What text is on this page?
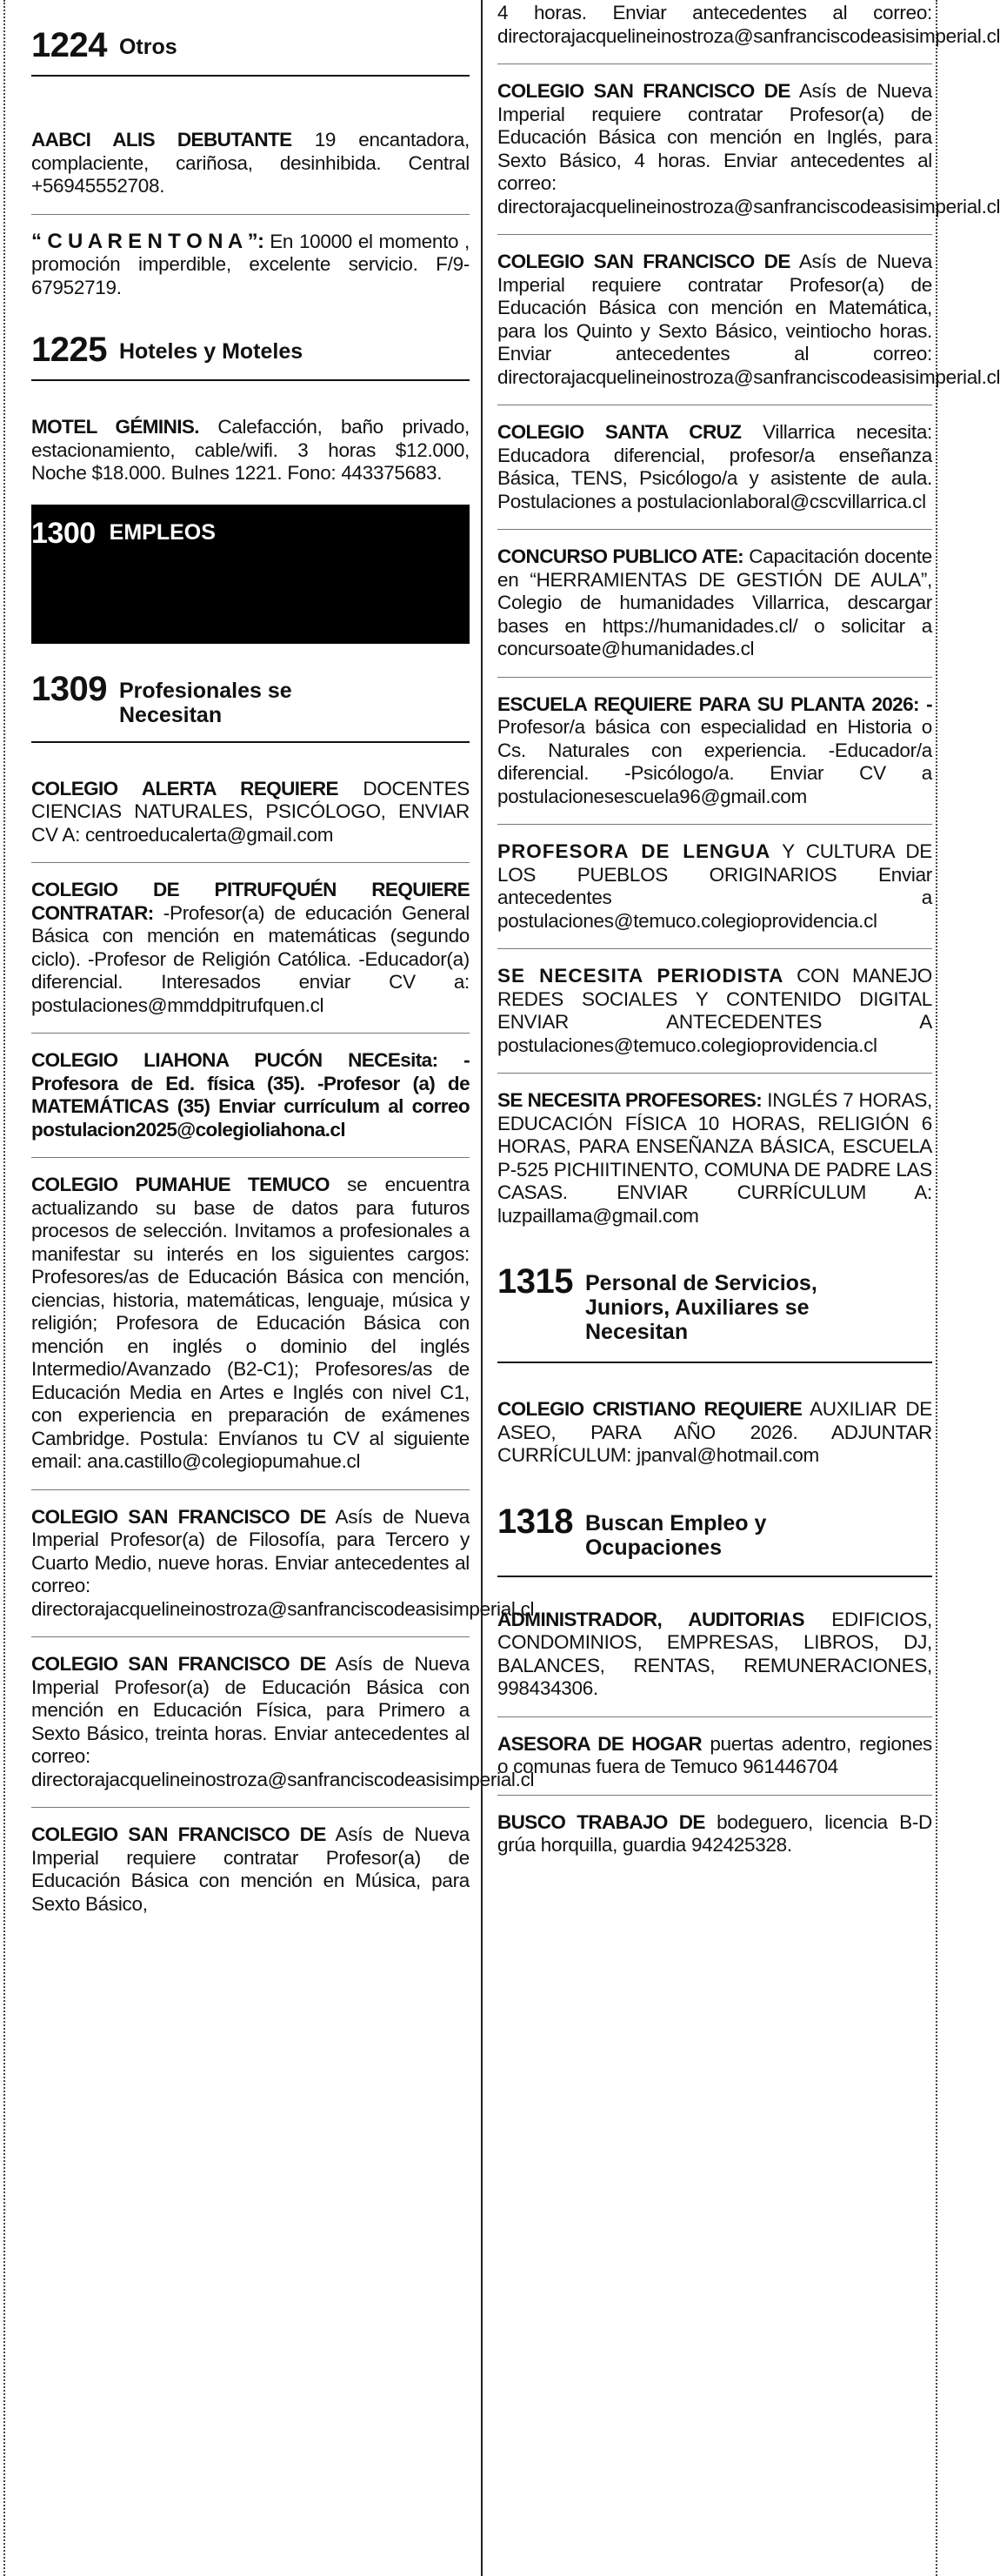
1224 Otros
AABCI ALIS DEBUTANTE 19 encantadora, complaciente, cariñosa, desinhibida. Central +56945552708.
“ C U A R E N T O N A ”: En 10000 el momento , promoción imperdible, excelente servicio. F/9-67952719.
1225 Hoteles y Moteles
MOTEL GÉMINIS. Calefacción, baño privado, estacionamiento, cable/wifi. 3 horas $12.000, Noche $18.000. Bulnes 1221. Fono: 443375683.
1300 EMPLEOS
1309 Profesionales se Necesitan
COLEGIO ALERTA REQUIERE DOCENTES CIENCIAS NATURALES, PSICÓLOGO, ENVIAR CV A: centroeducalerta@gmail.com
COLEGIO DE PITRUFQUÉN REQUIERE CONTRATAR: -Profesor(a) de educación General Básica con mención en matemáticas (segundo ciclo). -Profesor de Religión Católica. -Educador(a) diferencial. Interesados enviar CV a: postulaciones@mmddpitrufquen.cl
COLEGIO LIAHONA PUCÓN NECEsita: -Profesora de Ed. física (35). -Profesor (a) de MATEMÁTICAS (35) Enviar currículum al correo postulacion2025@colegioliahona.cl
COLEGIO PUMAHUE TEMUCO se encuentra actualizando su base de datos para futuros procesos de selección. Invitamos a profesionales a manifestar su interés en los siguientes cargos: Profesores/as de Educación Básica con mención, ciencias, historia, matemáticas, lenguaje, música y religión; Profesora de Educación Básica con mención en inglés o dominio del inglés Intermedio/Avanzado (B2-C1); Profesores/as de Educación Media en Artes e Inglés con nivel C1, con experiencia en preparación de exámenes Cambridge. Postula: Envíanos tu CV al siguiente email: ana.castillo@colegiopumahue.cl
COLEGIO SAN FRANCISCO DE Asís de Nueva Imperial Profesor(a) de Filosofía, para Tercero y Cuarto Medio, nueve horas. Enviar antecedentes al correo: directorajacquelineinostroza@sanfranciscodeasisimperial.cl
COLEGIO SAN FRANCISCO DE Asís de Nueva Imperial Profesor(a) de Educación Básica con mención en Educación Física, para Primero a Sexto Básico, treinta horas. Enviar antecedentes al correo: directorajacquelineinostroza@sanfranciscodeasisimperial.cl
COLEGIO SAN FRANCISCO DE Asís de Nueva Imperial requiere contratar Profesor(a) de Educación Básica con mención en Música, para Sexto Básico,
4 horas. Enviar antecedentes al correo: directorajacquelineinostroza@sanfranciscodeasisimperial.cl
COLEGIO SAN FRANCISCO DE Asís de Nueva Imperial requiere contratar Profesor(a) de Educación Básica con mención en Inglés, para Sexto Básico, 4 horas. Enviar antecedentes al correo: directorajacquelineinostroza@sanfranciscodeasisimperial.cl
COLEGIO SAN FRANCISCO DE Asís de Nueva Imperial requiere contratar Profesor(a) de Educación Básica con mención en Matemática, para los Quinto y Sexto Básico, veintiocho horas. Enviar antecedentes al correo: directorajacquelineinostroza@sanfranciscodeasisimperial.cl
COLEGIO SANTA CRUZ Villarrica necesita: Educadora diferencial, profesor/a enseñanza Básica, TENS, Psicólogo/a y asistente de aula. Postulaciones a postulacionlaboral@cscvillarrica.cl
CONCURSO PUBLICO ATE: Capacitación docente en “HERRAMIENTAS DE GESTIÓN DE AULA”, Colegio de humanidades Villarrica, descargar bases en https://humanidades.cl/ o solicitar a concursoate@humanidades.cl
ESCUELA REQUIERE PARA SU PLANTA 2026: - Profesor/a básica con especialidad en Historia o Cs. Naturales con experiencia. -Educador/a diferencial. -Psicólogo/a. Enviar CV a postulacionesescuela96@gmail.com
PROFESORA DE LENGUA Y CULTURA DE LOS PUEBLOS ORIGINARIOS Enviar antecedentes a postulaciones@temuco.colegioprovidencia.cl
SE NECESITA PERIODISTA CON MANEJO REDES SOCIALES Y CONTENIDO DIGITAL ENVIAR ANTECEDENTES A postulaciones@temuco.colegioprovidencia.cl
SE NECESITA PROFESORES: INGLÉS 7 HORAS, EDUCACIÓN FÍSICA 10 HORAS, RELIGIÓN 6 HORAS, PARA ENSEÑANZA BÁSICA, ESCUELA P-525 PICHIITINENTO, COMUNA DE PADRE LAS CASAS. ENVIAR CURRÍCULUM A: luzpaillama@gmail.com
1315 Personal de Servicios, Juniors, Auxiliares se Necesitan
COLEGIO CRISTIANO REQUIERE AUXILIAR DE ASEO, PARA AÑO 2026. ADJUNTAR CURRÍCULUM: jpanval@hotmail.com
1318 Buscan Empleo y Ocupaciones
ADMINISTRADOR, AUDITORIAS EDIFICIOS, CONDOMINIOS, EMPRESAS, LIBROS, DJ, BALANCES, RENTAS, REMUNERACIONES, 998434306.
ASESORA DE HOGAR puertas adentro, regiones o comunas fuera de Temuco 961446704
BUSCO TRABAJO DE bodeguero, licencia B-D grúa horquilla, guardia 942425328.
